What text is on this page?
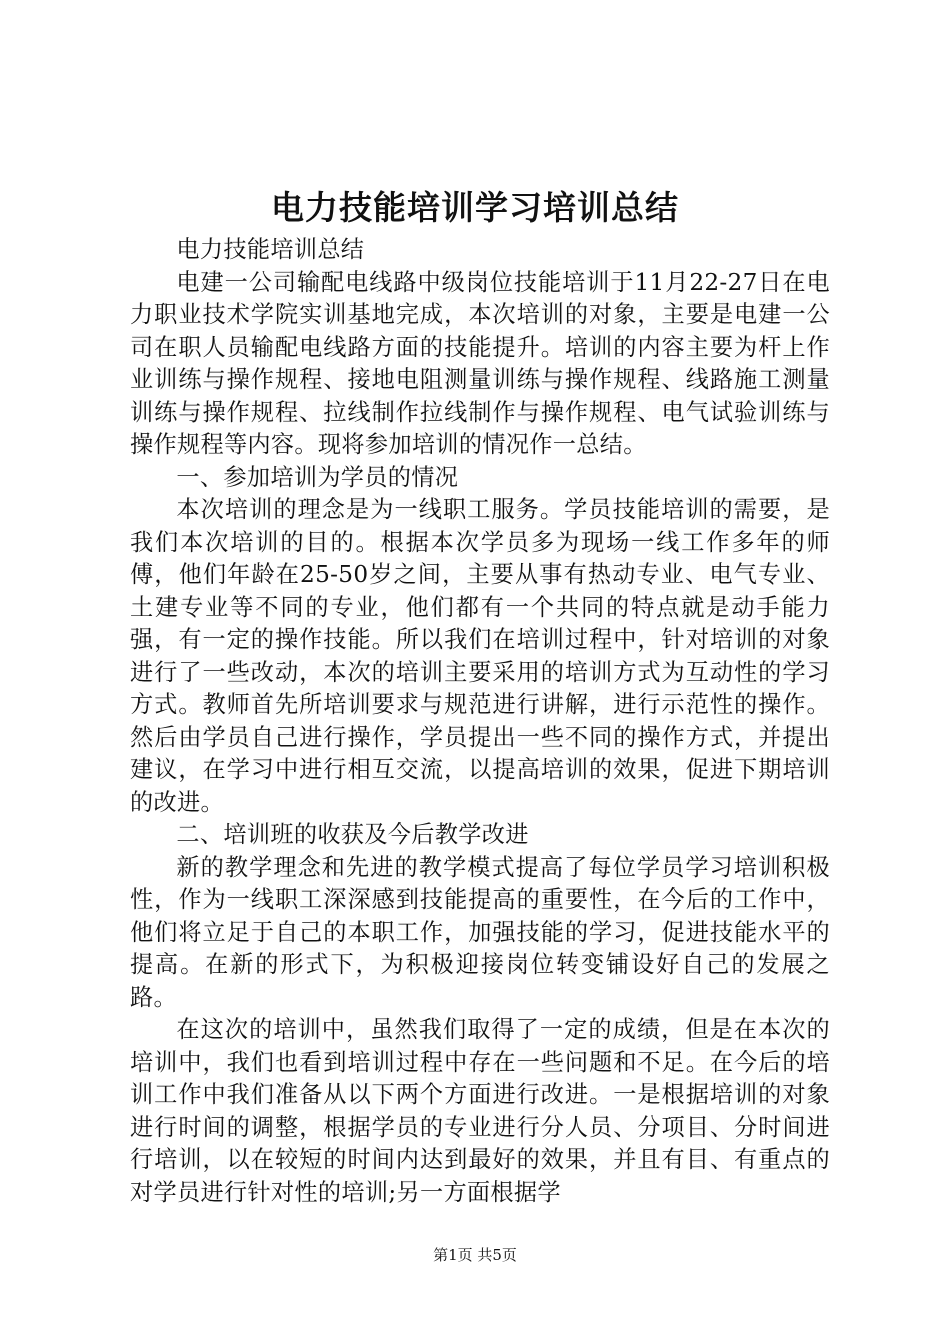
电力技能培训学习培训总结

电力技能培训总结

电建一公司输配电线路中级岗位技能培训于11月22-27日在电力职业技术学院实训基地完成，本次培训的对象，主要是电建一公司在职人员输配电线路方面的技能提升。培训的内容主要为杆上作业训练与操作规程、接地电阻测量训练与操作规程、线路施工测量训练与操作规程、拉线制作拉线制作与操作规程、电气试验训练与操作规程等内容。现将参加培训的情况作一总结。

一、参加培训为学员的情况

本次培训的理念是为一线职工服务。学员技能培训的需要，是我们本次培训的目的。根据本次学员多为现场一线工作多年的师傅，他们年龄在25-50岁之间，主要从事有热动专业、电气专业、土建专业等不同的专业，他们都有一个共同的特点就是动手能力强，有一定的操作技能。所以我们在培训过程中，针对培训的对象进行了一些改动，本次的培训主要采用的培训方式为互动性的学习方式。教师首先所培训要求与规范进行讲解，进行示范性的操作。然后由学员自己进行操作，学员提出一些不同的操作方式，并提出建议，在学习中进行相互交流，以提高培训的效果，促进下期培训的改进。

二、培训班的收获及今后教学改进

新的教学理念和先进的教学模式提高了每位学员学习培训积极性，作为一线职工深深感到技能提高的重要性，在今后的工作中，他们将立足于自己的本职工作，加强技能的学习，促进技能水平的提高。在新的形式下，为积极迎接岗位转变铺设好自己的发展之路。

在这次的培训中，虽然我们取得了一定的成绩，但是在本次的培训中，我们也看到培训过程中存在一些问题和不足。在今后的培训工作中我们准备从以下两个方面进行改进。一是根据培训的对象进行时间的调整，根据学员的专业进行分人员、分项目、分时间进行培训，以在较短的时间内达到最好的效果，并且有目、有重点的对学员进行针对性的培训;另一方面根据学

第1页 共5页
